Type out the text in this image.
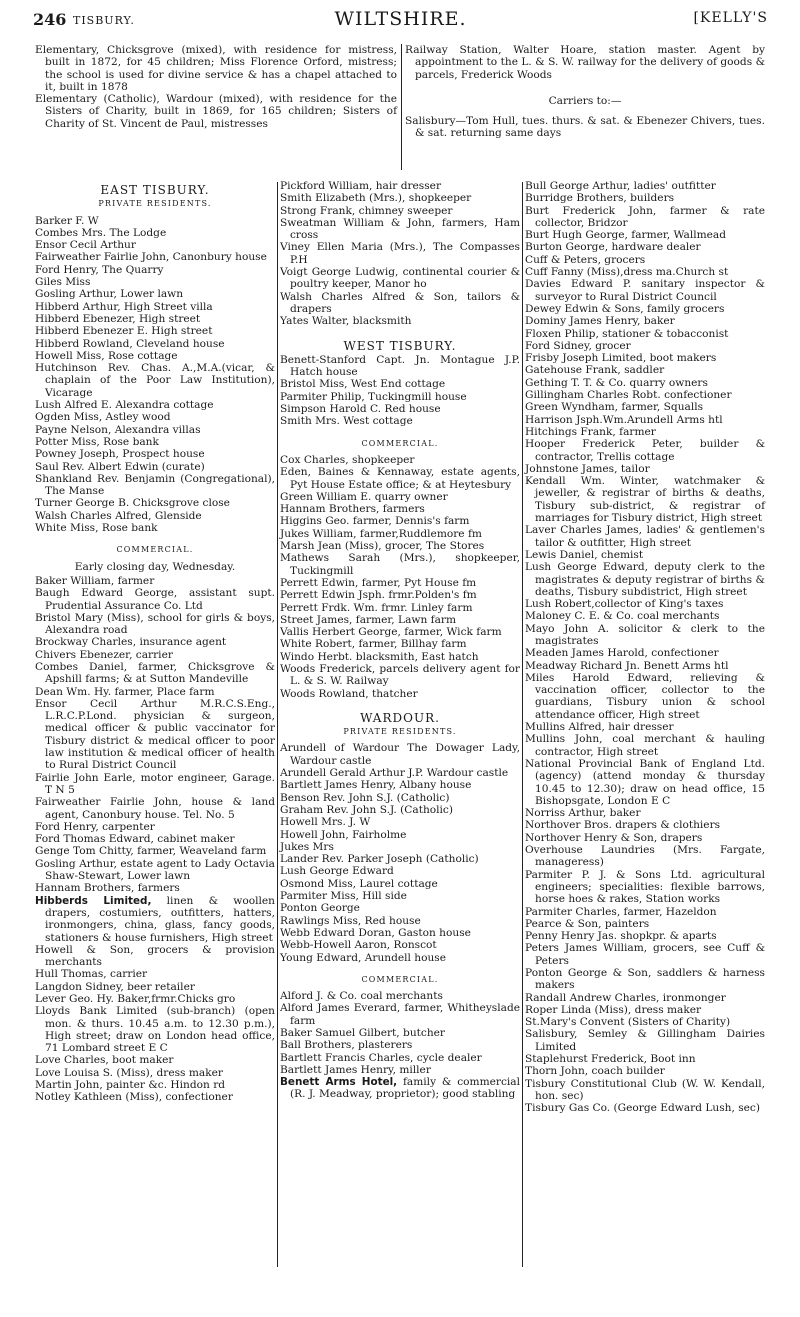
246 TISBURY.	WILTSHIRE.	[KELLY'S
Elementary, Chicksgrove (mixed), with residence for mistress, built in 1872, for 45 children; Miss Florence Orford, mistress; the school is used for divine service & has a chapel attached to it, built in 1878
Elementary (Catholic), Wardour (mixed), with residence for the Sisters of Charity, built in 1869, for 165 children; Sisters of Charity of St. Vincent de Paul, mistresses
Railway Station, Walter Hoare, station master. Agent by appointment to the L. & S. W. railway for the delivery of goods & parcels, Frederick Woods
Carriers to:—
Salisbury—Tom Hull, tues. thurs. & sat. & Ebenezer Chivers, tues. & sat. returning same days
EAST TISBURY.
PRIVATE RESIDENTS.
Barker F. W
Combes Mrs. The Lodge
Ensor Cecil Arthur
Fairweather Fairlie John, Canonbury house
Ford Henry, The Quarry
Giles Miss
Gosling Arthur, Lower lawn
Hibberd Arthur, High Street villa
Hibberd Ebenezer, High street
Hibberd Ebenezer E. High street
Hibberd Rowland, Cleveland house
Howell Miss, Rose cottage
Hutchinson Rev. Chas. A.,M.A.(vicar, & chaplain of the Poor Law Institution), Vicarage
Lush Alfred E. Alexandra cottage
Ogden Miss, Astley wood
Payne Nelson, Alexandra villas
Potter Miss, Rose bank
Powney Joseph, Prospect house
Saul Rev. Albert Edwin (curate)
Shankland Rev. Benjamin (Congregational), The Manse
Turner George B. Chicksgrove close
Walsh Charles Alfred, Glenside
White Miss, Rose bank
COMMERCIAL.
Early closing day, Wednesday.
Baker William, farmer
Baugh Edward George, assistant supt. Prudential Assurance Co. Ltd
Bristol Mary (Miss), school for girls & boys, Alexandra road
Brockway Charles, insurance agent
Chivers Ebenezer, carrier
Combes Daniel, farmer, Chicksgrove & Apshill farms; & at Sutton Mandeville
Dean Wm. Hy. farmer, Place farm
Ensor Cecil Arthur M.R.C.S.Eng., L.R.C.P.Lond. physician & surgeon, medical officer & public vaccinator for Tisbury district & medical officer to poor law institution & medical officer of health to Rural District Council
Fairlie John Earle, motor engineer, Garage. T N 5
Fairweather Fairlie John, house & land agent, Canonbury house. Tel. No. 5
Ford Henry, carpenter
Ford Thomas Edward, cabinet maker
Genge Tom Chitty, farmer, Weaveland farm
Gosling Arthur, estate agent to Lady Octavia Shaw-Stewart, Lower lawn
Hannam Brothers, farmers
Hibberds Limited, linen & woollen drapers, costumiers, outfitters, hatters, ironmongers, china, glass, fancy goods, stationers & house furnishers, High street
Howell & Son, grocers & provision merchants
Hull Thomas, carrier
Langdon Sidney, beer retailer
Lever Geo. Hy. Baker,frmr.Chicks gro
Lloyds Bank Limited (sub-branch) (open mon. & thurs. 10.45 a.m. to 12.30 p.m.), High street; draw on London head office, 71 Lombard street E C
Love Charles, boot maker
Love Louisa S. (Miss), dress maker
Martin John, painter &c. Hindon rd
Notley Kathleen (Miss), confectioner
Pickford William, hair dresser
Smith Elizabeth (Mrs.), shopkeeper
Strong Frank, chimney sweeper
Sweatman William & John, farmers, Ham cross
Viney Ellen Maria (Mrs.), The Compasses P.H
Voigt George Ludwig, continental courier & poultry keeper, Manor ho
Walsh Charles Alfred & Son, tailors & drapers
Yates Walter, blacksmith
WEST TISBURY.
Benett-Stanford Capt. Jn. Montague J.P. Hatch house
Bristol Miss, West End cottage
Parmiter Philip, Tuckingmill house
Simpson Harold C. Red house
Smith Mrs. West cottage
COMMERCIAL.
Cox Charles, shopkeeper
Eden, Baines & Kennaway, estate agents, Pyt House Estate office; & at Heytesbury
Green William E. quarry owner
Hannam Brothers, farmers
Higgins Geo. farmer, Dennis's farm
Jukes William, farmer,Ruddlemore fm
Marsh Jean (Miss), grocer, The Stores
Mathews Sarah (Mrs.), shopkeeper, Tuckingmill
Perrett Edwin, farmer, Pyt House fm
Perrett Edwin Jsph. frmr.Polden's fm
Perrett Frdk. Wm. frmr. Linley farm
Street James, farmer, Lawn farm
Vallis Herbert George, farmer, Wick farm
White Robert, farmer, Billhay farm
Windo Herbt. blacksmith, East hatch
Woods Frederick, parcels delivery agent for L. & S. W. Railway
Woods Rowland, thatcher
WARDOUR.
PRIVATE RESIDENTS.
Arundell of Wardour The Dowager Lady, Wardour castle
Arundell Gerald Arthur J.P. Wardour castle
Bartlett James Henry, Albany house
Benson Rev. John S.J. (Catholic)
Graham Rev. John S.J. (Catholic)
Howell Mrs. J. W
Howell John, Fairholme
Jukes Mrs
Lander Rev. Parker Joseph (Catholic)
Lush George Edward
Osmond Miss, Laurel cottage
Parmiter Miss, Hill side
Ponton George
Rawlings Miss, Red house
Webb Edward Doran, Gaston house
Webb-Howell Aaron, Ronscot
Young Edward, Arundell house
COMMERCIAL.
Alford J. & Co. coal merchants
Alford James Everard, farmer, Whitheyslade farm
Baker Samuel Gilbert, butcher
Ball Brothers, plasterers
Bartlett Francis Charles, cycle dealer
Bartlett James Henry, miller
Benett Arms Hotel, family & commercial (R. J. Meadway, proprietor); good stabling
Bull George Arthur, ladies' outfitter
Burridge Brothers, builders
Burt Frederick John, farmer & rate collector, Bridzor
Burt Hugh George, farmer, Wallmead
Burton George, hardware dealer
Cuff & Peters, grocers
Cuff Fanny (Miss),dress ma.Church st
Davies Edward P. sanitary inspector & surveyor to Rural District Council
Dewey Edwin & Sons, family grocers
Dominy James Henry, baker
Floxen Philip, stationer & tobacconist
Ford Sidney, grocer
Frisby Joseph Limited, boot makers
Gatehouse Frank, saddler
Gething T. T. & Co. quarry owners
Gillingham Charles Robt. confectioner
Green Wyndham, farmer, Squalls
Harrison Jsph.Wm.Arundell Arms htl
Hitchings Frank, farmer
Hooper Frederick Peter, builder & contractor, Trellis cottage
Johnstone James, tailor
Kendall Wm. Winter, watchmaker & jeweller, & registrar of births & deaths, Tisbury sub-district, & registrar of marriages for Tisbury district, High street
Laver Charles James, ladies' & gentlemen's tailor & outfitter, High street
Lewis Daniel, chemist
Lush George Edward, deputy clerk to the magistrates & deputy registrar of births & deaths, Tisbury subdistrict, High street
Lush Robert,collector of King's taxes
Maloney C. E. & Co. coal merchants
Mayo John A. solicitor & clerk to the magistrates
Meaden James Harold, confectioner
Meadway Richard Jn. Benett Arms htl
Miles Harold Edward, relieving & vaccination officer, collector to the guardians, Tisbury union & school attendance officer, High street
Mullins Alfred, hair dresser
Mullins John, coal merchant & hauling contractor, High street
National Provincial Bank of England Ltd. (agency) (attend monday & thursday 10.45 to 12.30); draw on head office, 15 Bishopsgate, London E C
Norriss Arthur, baker
Northover Bros. drapers & clothiers
Northover Henry & Son, drapers
Overhouse Laundries (Mrs. Fargate, manageress)
Parmiter P. J. & Sons Ltd. agricultural engineers; specialities: flexible barrows, horse hoes & rakes, Station works
Parmiter Charles, farmer, Hazeldon
Pearce & Son, painters
Penny Henry Jas. shopkpr. & aparts
Peters James William, grocers, see Cuff & Peters
Ponton George & Son, saddlers & harness makers
Randall Andrew Charles, ironmonger
Roper Linda (Miss), dress maker
St.Mary's Convent (Sisters of Charity)
Salisbury, Semley & Gillingham Dairies Limited
Staplehurst Frederick, Boot inn
Thorn John, coach builder
Tisbury Constitutional Club (W. W. Kendall, hon. sec)
Tisbury Gas Co. (George Edward Lush, sec)
